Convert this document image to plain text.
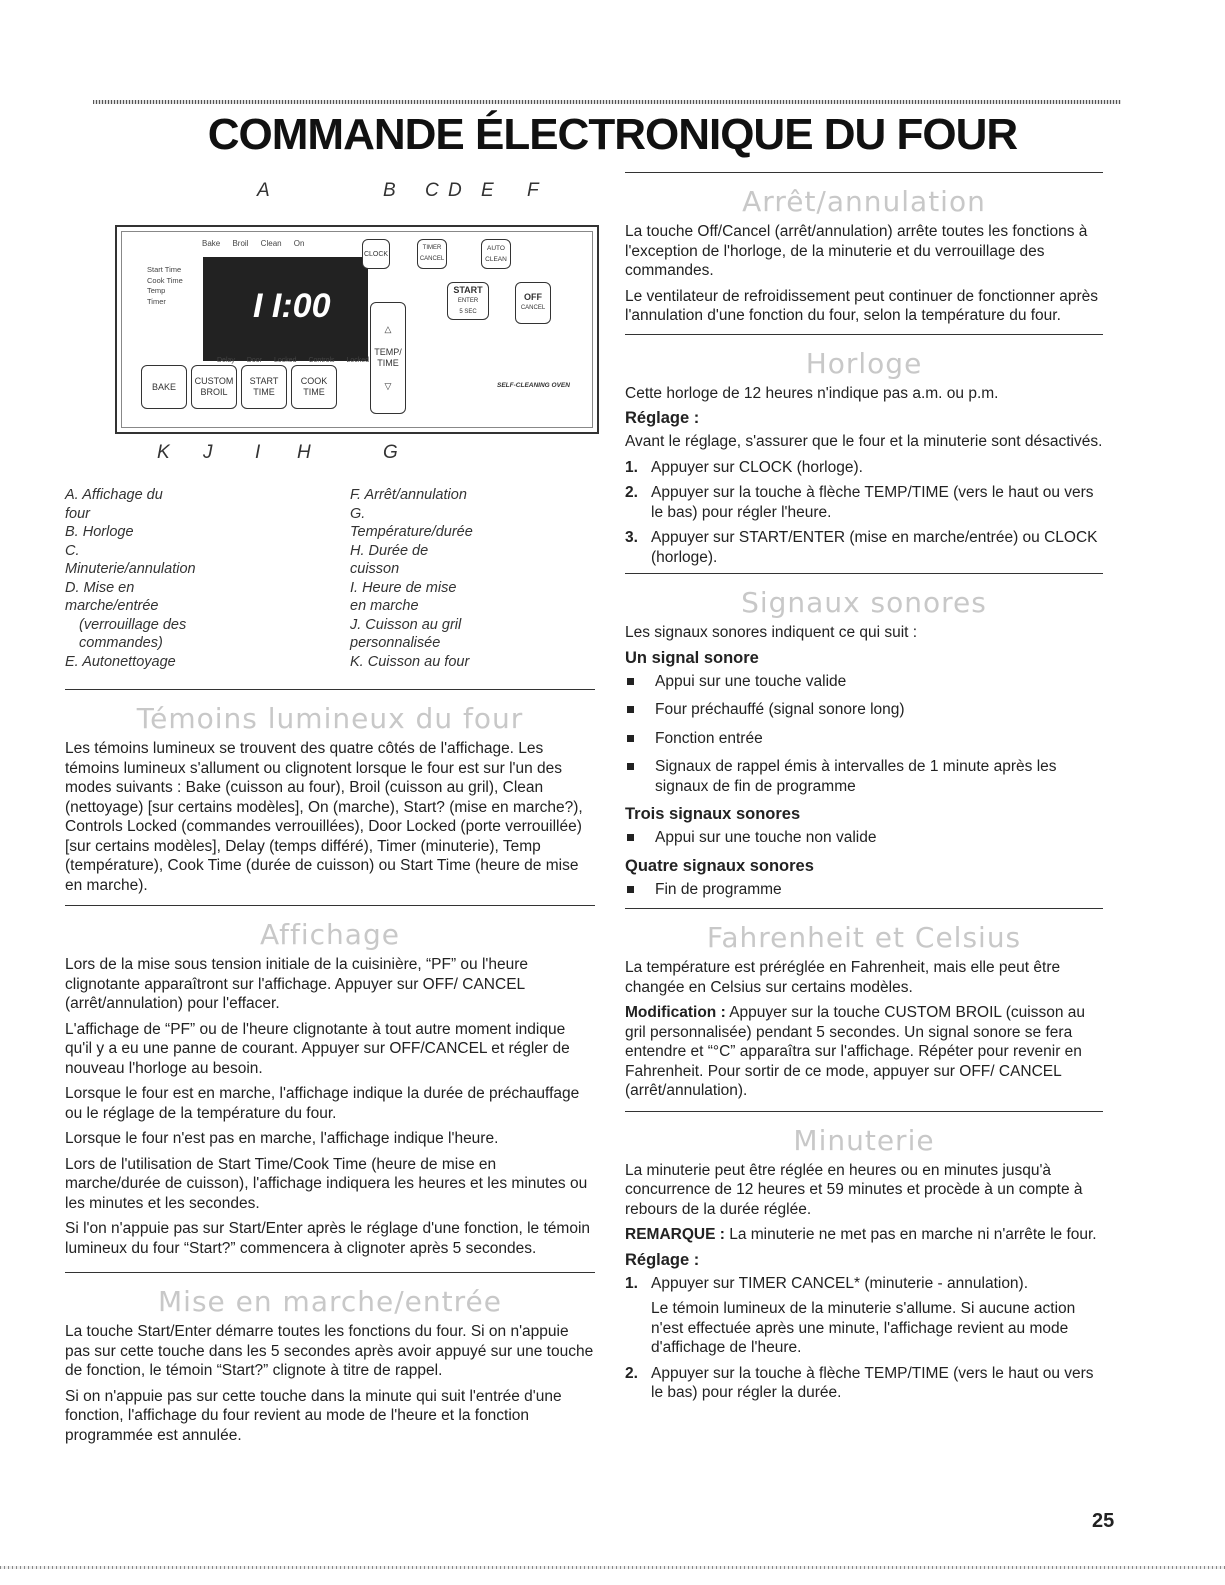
COMMANDE ÉLECTRONIQUE DU FOUR
A	B C D E F
Bake Broil Clean On
Start Time
Cook Time
Temp
Timer	I I:00
Delay Door Locked Controls Locked
CLOCK
TIMER CANCEL
AUTO CLEAN
START
ENTER
5 SEC
OFF
CANCEL
△
TEMP/ TIME
▽	SELF-CLEANING OVEN
BAKE
CUSTOM BROIL
START TIME
COOK TIME
K J I H	G
A. Affichage du four
B. Horloge
C. Minuterie/annulation
D. Mise en marche/entrée
(verrouillage des commandes)
E. Autonettoyage
F. Arrêt/annulation
G. Température/durée
H. Durée de cuisson
I. Heure de mise en marche
J. Cuisson au gril personnalisée
K. Cuisson au four
Témoins lumineux du four

Les témoins lumineux se trouvent des quatre côtés de l'affichage. Les témoins lumineux s'allument ou clignotent lorsque le four est sur l'un des modes suivants : Bake (cuisson au four), Broil (cuisson au gril), Clean (nettoyage) [sur certains modèles], On (marche), Start? (mise en marche?), Controls Locked (commandes verrouillées), Door Locked (porte verrouillée) [sur certains modèles], Delay (temps différé), Timer (minuterie), Temp (température), Cook Time (durée de cuisson) ou Start Time (heure de mise en marche).

Affichage

Lors de la mise sous tension initiale de la cuisinière, “PF” ou l'heure clignotante apparaîtront sur l'affichage. Appuyer sur OFF/ CANCEL (arrêt/annulation) pour l'effacer.

L'affichage de “PF” ou de l'heure clignotante à tout autre moment indique qu'il y a eu une panne de courant. Appuyer sur OFF/CANCEL et régler de nouveau l'horloge au besoin.

Lorsque le four est en marche, l'affichage indique la durée de préchauffage ou le réglage de la température du four.

Lorsque le four n'est pas en marche, l'affichage indique l'heure.

Lors de l'utilisation de Start Time/Cook Time (heure de mise en marche/durée de cuisson), l'affichage indiquera les heures et les minutes ou les minutes et les secondes.

Si l'on n'appuie pas sur Start/Enter après le réglage d'une fonction, le témoin lumineux du four “Start?” commencera à clignoter après 5 secondes.

Mise en marche/entrée

La touche Start/Enter démarre toutes les fonctions du four. Si on n'appuie pas sur cette touche dans les 5 secondes après avoir appuyé sur une touche de fonction, le témoin “Start?” clignote à titre de rappel.

Si on n'appuie pas sur cette touche dans la minute qui suit l'entrée d'une fonction, l'affichage du four revient au mode de l'heure et la fonction programmée est annulée.

Arrêt/annulation

La touche Off/Cancel (arrêt/annulation) arrête toutes les fonctions à l'exception de l'horloge, de la minuterie et du verrouillage des commandes.

Le ventilateur de refroidissement peut continuer de fonctionner après l'annulation d'une fonction du four, selon la température du four.

Horloge

Cette horloge de 12 heures n'indique pas a.m. ou p.m.

Réglage :

Avant le réglage, s'assurer que le four et la minuterie sont désactivés.

1. Appuyer sur CLOCK (horloge).
2. Appuyer sur la touche à flèche TEMP/TIME (vers le haut ou vers le bas) pour régler l'heure.
3. Appuyer sur START/ENTER (mise en marche/entrée) ou CLOCK (horloge).
Signaux sonores

Les signaux sonores indiquent ce qui suit :

Un signal sonore
Appui sur une touche valide
Four préchauffé (signal sonore long)
Fonction entrée
Signaux de rappel émis à intervalles de 1 minute après les signaux de fin de programme
Trois signaux sonores
Appui sur une touche non valide
Quatre signaux sonores
Fin de programme
Fahrenheit et Celsius

La température est préréglée en Fahrenheit, mais elle peut être changée en Celsius sur certains modèles.

Modification : Appuyer sur la touche CUSTOM BROIL (cuisson au gril personnalisée) pendant 5 secondes. Un signal sonore se fera entendre et “°C” apparaîtra sur l'affichage. Répéter pour revenir en Fahrenheit. Pour sortir de ce mode, appuyer sur OFF/ CANCEL (arrêt/annulation).

Minuterie

La minuterie peut être réglée en heures ou en minutes jusqu'à concurrence de 12 heures et 59 minutes et procède à un compte à rebours de la durée réglée.

REMARQUE : La minuterie ne met pas en marche ni n'arrête le four.

Réglage :
1. Appuyer sur TIMER CANCEL* (minuterie - annulation).
Le témoin lumineux de la minuterie s'allume. Si aucune action n'est effectuée après une minute, l'affichage revient au mode d'affichage de l'heure.
2. Appuyer sur la touche à flèche TEMP/TIME (vers le haut ou vers le bas) pour régler la durée.
25
